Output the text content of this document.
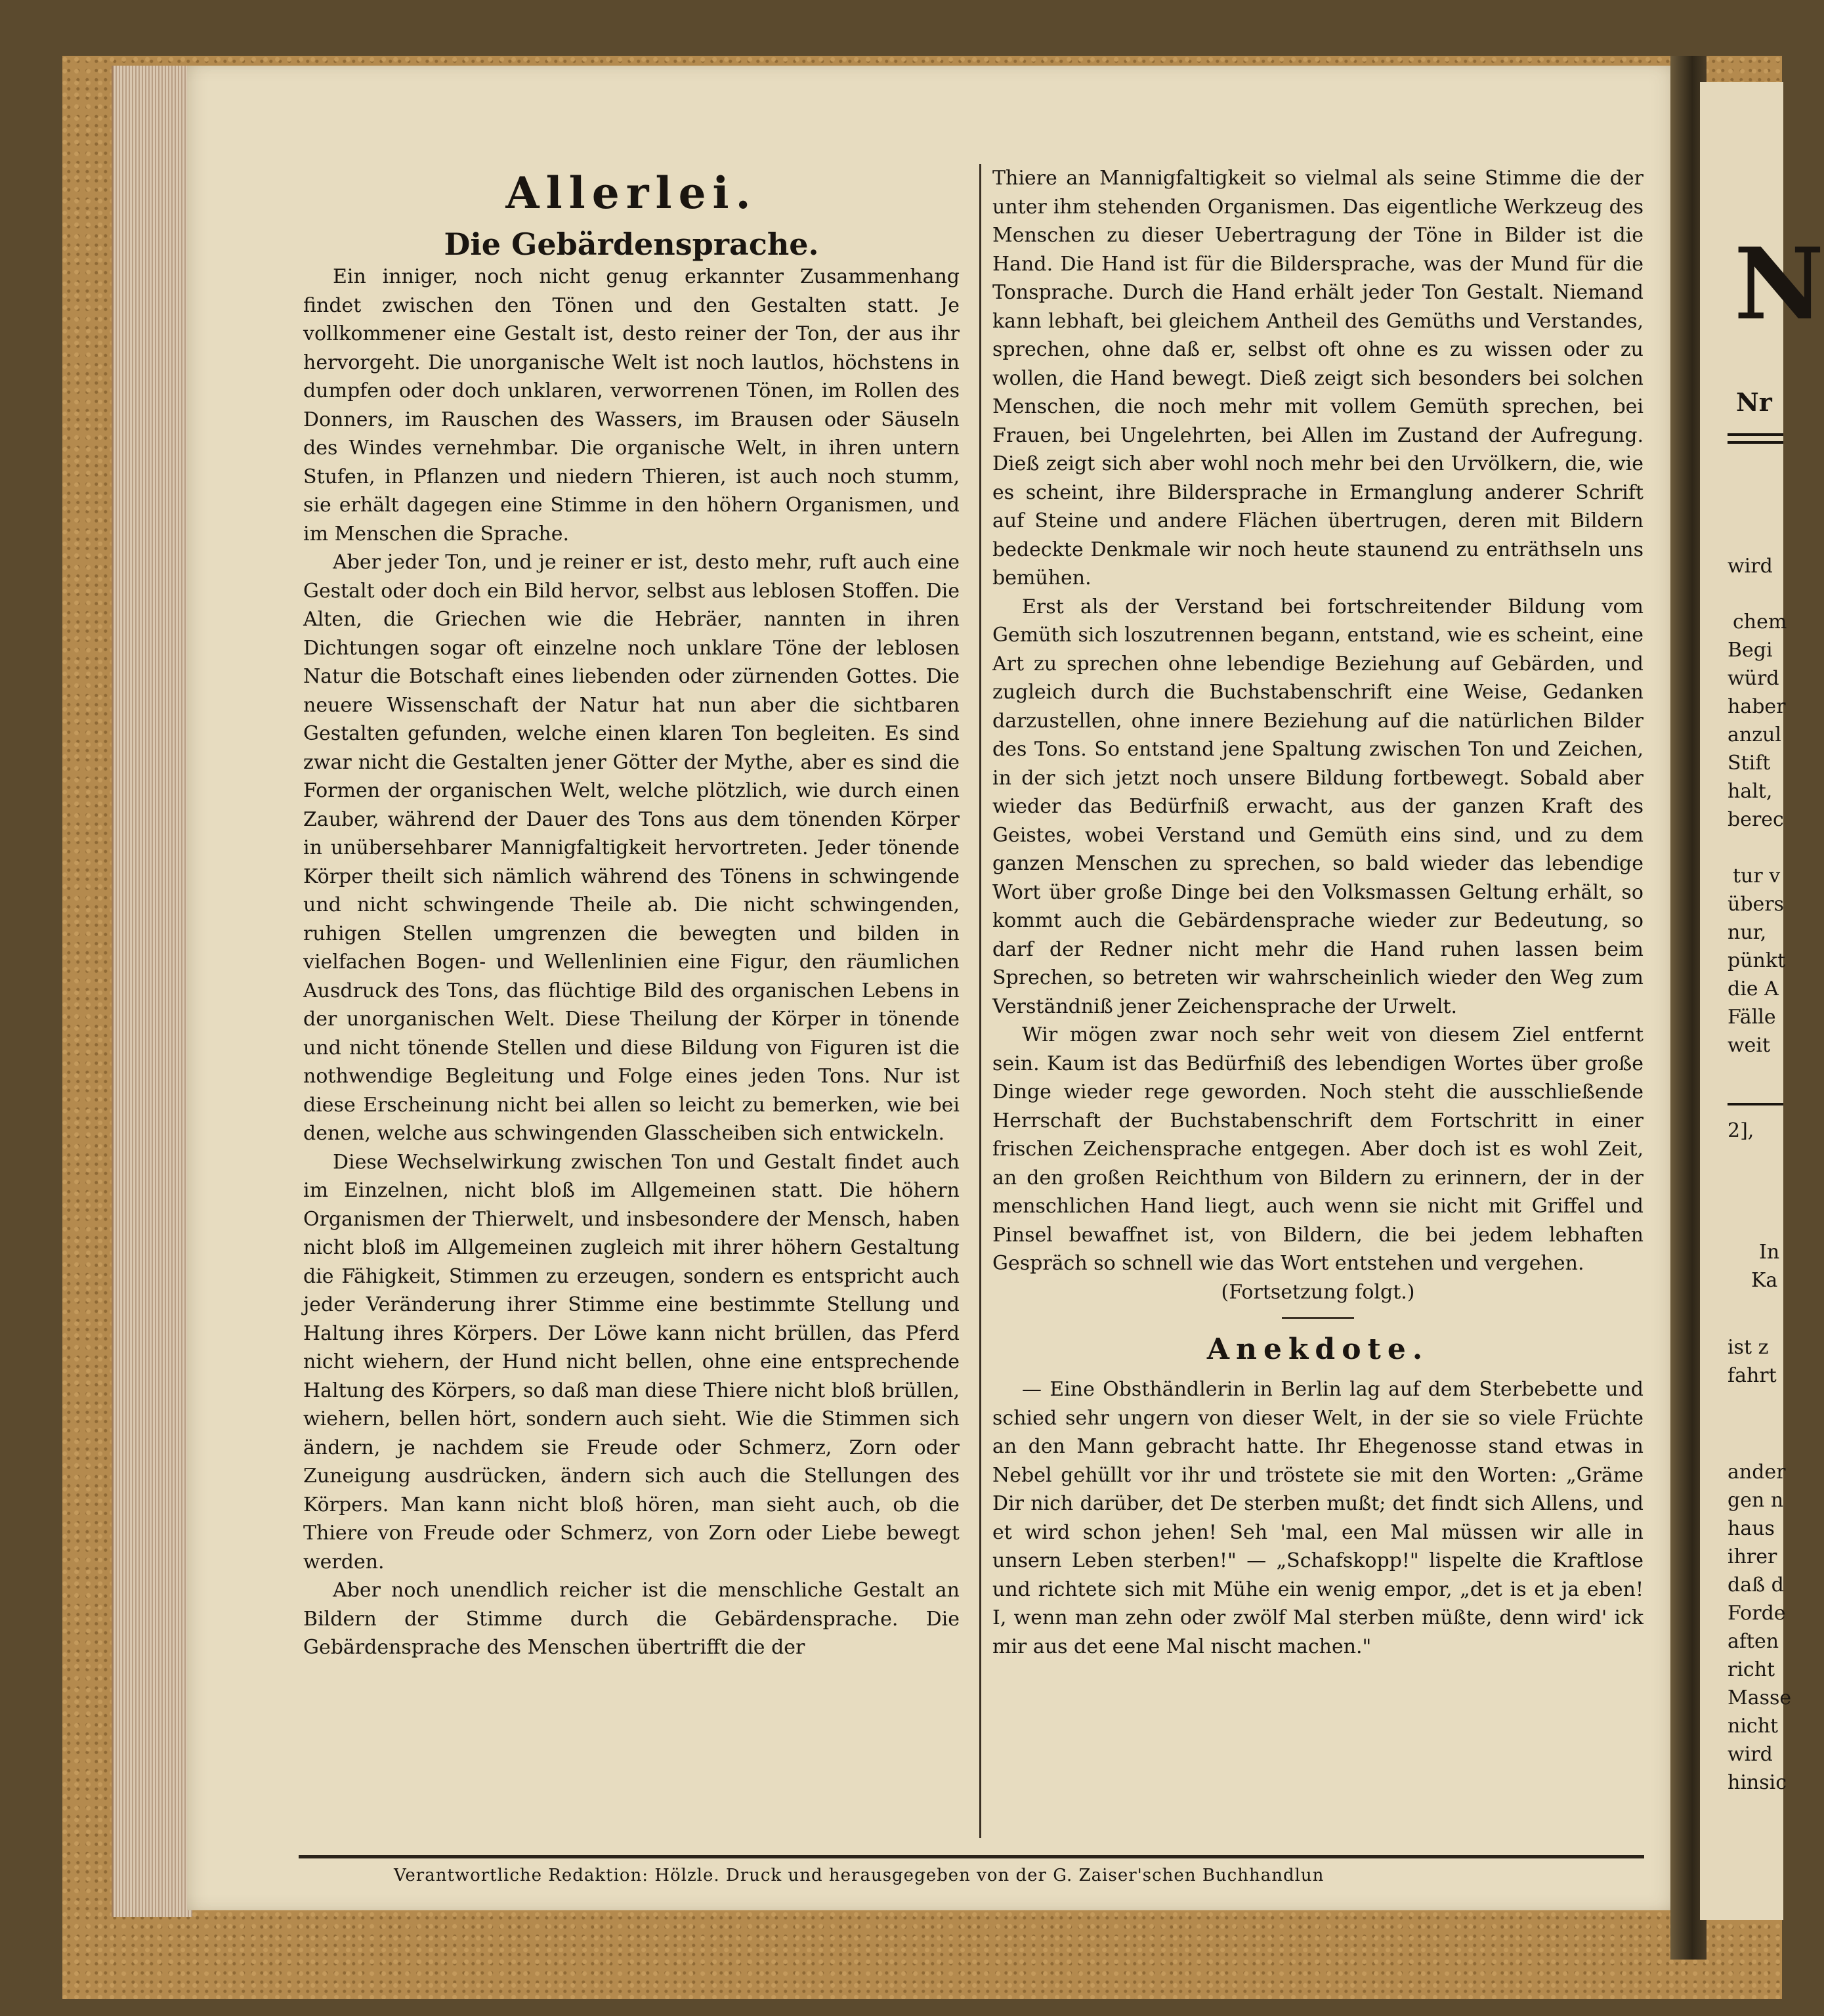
Allerlei.
Die Gebärdensprache.

Ein inniger, noch nicht genug erkannter Zusammenhang findet zwischen den Tönen und den Gestalten statt. Je vollkommener eine Gestalt ist, desto reiner der Ton, der aus ihr hervorgeht. Die unorganische Welt ist noch lautlos, höchstens in dumpfen oder doch unklaren, verworrenen Tönen, im Rollen des Donners, im Rauschen des Wassers, im Brausen oder Säuseln des Windes vernehmbar. Die organische Welt, in ihren untern Stufen, in Pflanzen und niedern Thieren, ist auch noch stumm, sie erhält dagegen eine Stimme in den höhern Organismen, und im Menschen die Sprache.

Aber jeder Ton, und je reiner er ist, desto mehr, ruft auch eine Gestalt oder doch ein Bild hervor, selbst aus leblosen Stoffen. Die Alten, die Griechen wie die Hebräer, nannten in ihren Dichtungen sogar oft einzelne noch unklare Töne der leblosen Natur die Botschaft eines liebenden oder zürnenden Gottes. Die neuere Wissenschaft der Natur hat nun aber die sichtbaren Gestalten gefunden, welche einen klaren Ton begleiten. Es sind zwar nicht die Gestalten jener Götter der Mythe, aber es sind die Formen der organischen Welt, welche plötzlich, wie durch einen Zauber, während der Dauer des Tons aus dem tönenden Körper in unübersehbarer Mannigfaltigkeit hervortreten. Jeder tönende Körper theilt sich nämlich während des Tönens in schwingende und nicht schwingende Theile ab. Die nicht schwingenden, ruhigen Stellen umgrenzen die bewegten und bilden in vielfachen Bogen- und Wellenlinien eine Figur, den räumlichen Ausdruck des Tons, das flüchtige Bild des organischen Lebens in der unorganischen Welt. Diese Theilung der Körper in tönende und nicht tönende Stellen und diese Bildung von Figuren ist die nothwendige Begleitung und Folge eines jeden Tons. Nur ist diese Erscheinung nicht bei allen so leicht zu bemerken, wie bei denen, welche aus schwingenden Glasscheiben sich entwickeln.

Diese Wechselwirkung zwischen Ton und Gestalt findet auch im Einzelnen, nicht bloß im Allgemeinen statt. Die höhern Organismen der Thierwelt, und insbesondere der Mensch, haben nicht bloß im Allgemeinen zugleich mit ihrer höhern Gestaltung die Fähigkeit, Stimmen zu erzeugen, sondern es entspricht auch jeder Veränderung ihrer Stimme eine bestimmte Stellung und Haltung ihres Körpers. Der Löwe kann nicht brüllen, das Pferd nicht wiehern, der Hund nicht bellen, ohne eine entsprechende Haltung des Körpers, so daß man diese Thiere nicht bloß brüllen, wiehern, bellen hört, sondern auch sieht. Wie die Stimmen sich ändern, je nachdem sie Freude oder Schmerz, Zorn oder Zuneigung ausdrücken, ändern sich auch die Stellungen des Körpers. Man kann nicht bloß hören, man sieht auch, ob die Thiere von Freude oder Schmerz, von Zorn oder Liebe bewegt werden.

Aber noch unendlich reicher ist die menschliche Gestalt an Bildern der Stimme durch die Gebärdensprache. Die Gebärdensprache des Menschen übertrifft die der

Thiere an Mannigfaltigkeit so vielmal als seine Stimme die der unter ihm stehenden Organismen. Das eigentliche Werkzeug des Menschen zu dieser Uebertragung der Töne in Bilder ist die Hand. Die Hand ist für die Bildersprache, was der Mund für die Tonsprache. Durch die Hand erhält jeder Ton Gestalt. Niemand kann lebhaft, bei gleichem Antheil des Gemüths und Verstandes, sprechen, ohne daß er, selbst oft ohne es zu wissen oder zu wollen, die Hand bewegt. Dieß zeigt sich besonders bei solchen Menschen, die noch mehr mit vollem Gemüth sprechen, bei Frauen, bei Ungelehrten, bei Allen im Zustand der Aufregung. Dieß zeigt sich aber wohl noch mehr bei den Urvölkern, die, wie es scheint, ihre Bildersprache in Ermanglung anderer Schrift auf Steine und andere Flächen übertrugen, deren mit Bildern bedeckte Denkmale wir noch heute staunend zu enträthseln uns bemühen.

Erst als der Verstand bei fortschreitender Bildung vom Gemüth sich loszutrennen begann, entstand, wie es scheint, eine Art zu sprechen ohne lebendige Beziehung auf Gebärden, und zugleich durch die Buchstabenschrift eine Weise, Gedanken darzustellen, ohne innere Beziehung auf die natürlichen Bilder des Tons. So entstand jene Spaltung zwischen Ton und Zeichen, in der sich jetzt noch unsere Bildung fortbewegt. Sobald aber wieder das Bedürfniß erwacht, aus der ganzen Kraft des Geistes, wobei Verstand und Gemüth eins sind, und zu dem ganzen Menschen zu sprechen, so bald wieder das lebendige Wort über große Dinge bei den Volksmassen Geltung erhält, so kommt auch die Gebärdensprache wieder zur Bedeutung, so darf der Redner nicht mehr die Hand ruhen lassen beim Sprechen, so betreten wir wahrscheinlich wieder den Weg zum Verständniß jener Zeichensprache der Urwelt.

Wir mögen zwar noch sehr weit von diesem Ziel entfernt sein. Kaum ist das Bedürfniß des lebendigen Wortes über große Dinge wieder rege geworden. Noch steht die ausschließende Herrschaft der Buchstabenschrift dem Fortschritt in einer frischen Zeichensprache entgegen. Aber doch ist es wohl Zeit, an den großen Reichthum von Bildern zu erinnern, der in der menschlichen Hand liegt, auch wenn sie nicht mit Griffel und Pinsel bewaffnet ist, von Bildern, die bei jedem lebhaften Gespräch so schnell wie das Wort entstehen und vergehen.

(Fortsetzung folgt.)

Anekdote.

— Eine Obsthändlerin in Berlin lag auf dem Sterbebette und schied sehr ungern von dieser Welt, in der sie so viele Früchte an den Mann gebracht hatte. Ihr Ehegenosse stand etwas in Nebel gehüllt vor ihr und tröstete sie mit den Worten: „Gräme Dir nich darüber, det De sterben mußt; det findt sich Allens, und et wird schon jehen! Seh 'mal, een Mal müssen wir alle in unsern Leben sterben!" — „Schafskopp!" lispelte die Kraftlose und richtete sich mit Mühe ein wenig empor, „det is et ja eben! I, wenn man zehn oder zwölf Mal sterben müßte, denn wird' ick mir aus det eene Mal nischt machen."

Verantwortliche Redaktion: Hölzle. Druck und herausgegeben von der G. Zaiser'schen Buchhandlun
N
Nr
wird
chem
Begi
würd
haber
anzul
Stift
halt,
berec
tur v
übers
nur,
pünkt
die A
Fälle
weit
2],
In
Ka
ist z
fahrt
ander
gen n
haus
ihrer
daß d
Forde
aften
richt
Masse
nicht
wird
hinsic
